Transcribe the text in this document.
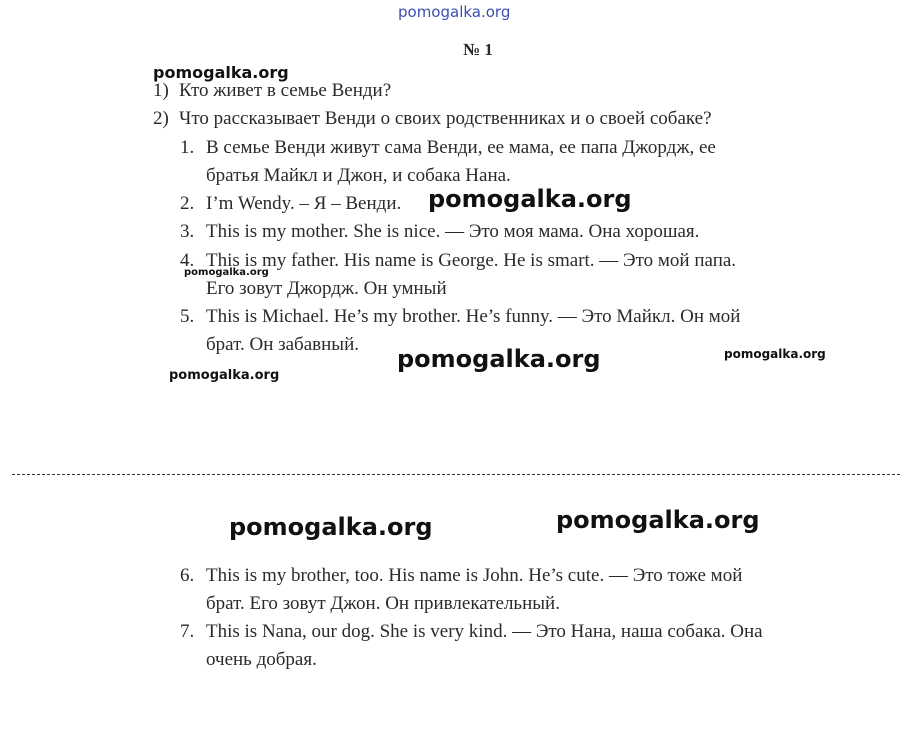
pomogalka.org
pomogalka.org
pomogalka.org
pomogalka.org
pomogalka.org	pomogalka.org
pomogalka.org
pomogalka.org	pomogalka.org
№ 1
1) Кто живет в семье Венди?
2) Что рассказывает Венди о своих родственниках и о своей собаке?
1. В семье Венди живут сама Венди, ее мама, ее папа Джордж, ее
братья Майкл и Джон, и собака Нана.
2. I’m Wendy. – Я – Венди.
3. This is my mother. She is nice. — Это моя мама. Она хорошая.
4. This is my father. His name is George. He is smart. — Это мой папа.
Его зовут Джордж. Он умный
5. This is Michael. He’s my brother. He’s funny. — Это Майкл. Он мой
брат. Он забавный.
6. This is my brother, too. His name is John. He’s cute. — Это тоже мой
брат. Его зовут Джон. Он привлекательный.
7. This is Nana, our dog. She is very kind. — Это Нана, наша собака. Она
очень добрая.
